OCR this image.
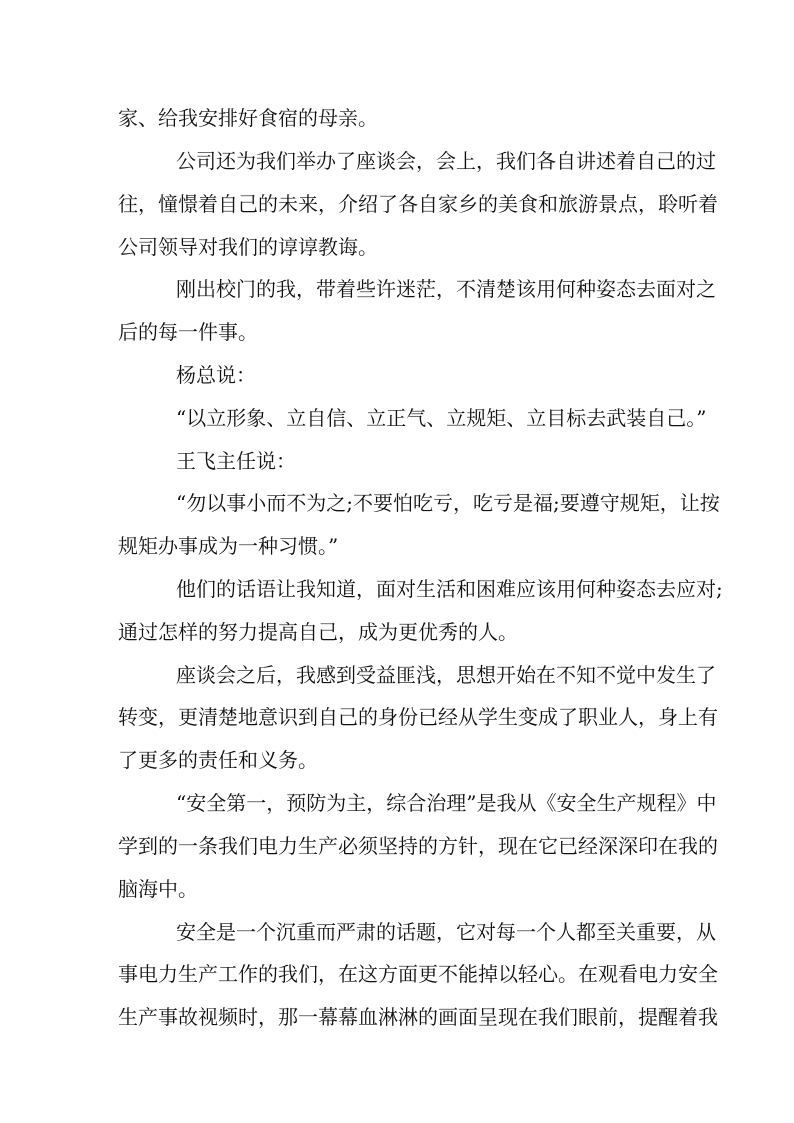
家、给我安排好食宿的母亲。
公司还为我们举办了座谈会，会上，我们各自讲述着自己的过
往，憧憬着自己的未来，介绍了各自家乡的美食和旅游景点，聆听着
公司领导对我们的谆谆教诲。
刚出校门的我，带着些许迷茫，不清楚该用何种姿态去面对之
后的每一件事。
杨总说：
“以立形象、立自信、立正气、立规矩、立目标去武装自己。”
王飞主任说：
“勿以事小而不为之;不要怕吃亏，吃亏是福;要遵守规矩，让按
规矩办事成为一种习惯。”
他们的话语让我知道，面对生活和困难应该用何种姿态去应对;
通过怎样的努力提高自己，成为更优秀的人。
座谈会之后，我感到受益匪浅，思想开始在不知不觉中发生了
转变，更清楚地意识到自己的身份已经从学生变成了职业人，身上有
了更多的责任和义务。
“安全第一，预防为主，综合治理”是我从《安全生产规程》中
学到的一条我们电力生产必须坚持的方针，现在它已经深深印在我的
脑海中。
安全是一个沉重而严肃的话题，它对每一个人都至关重要，从
事电力生产工作的我们，在这方面更不能掉以轻心。在观看电力安全
生产事故视频时，那一幕幕血淋淋的画面呈现在我们眼前，提醒着我
